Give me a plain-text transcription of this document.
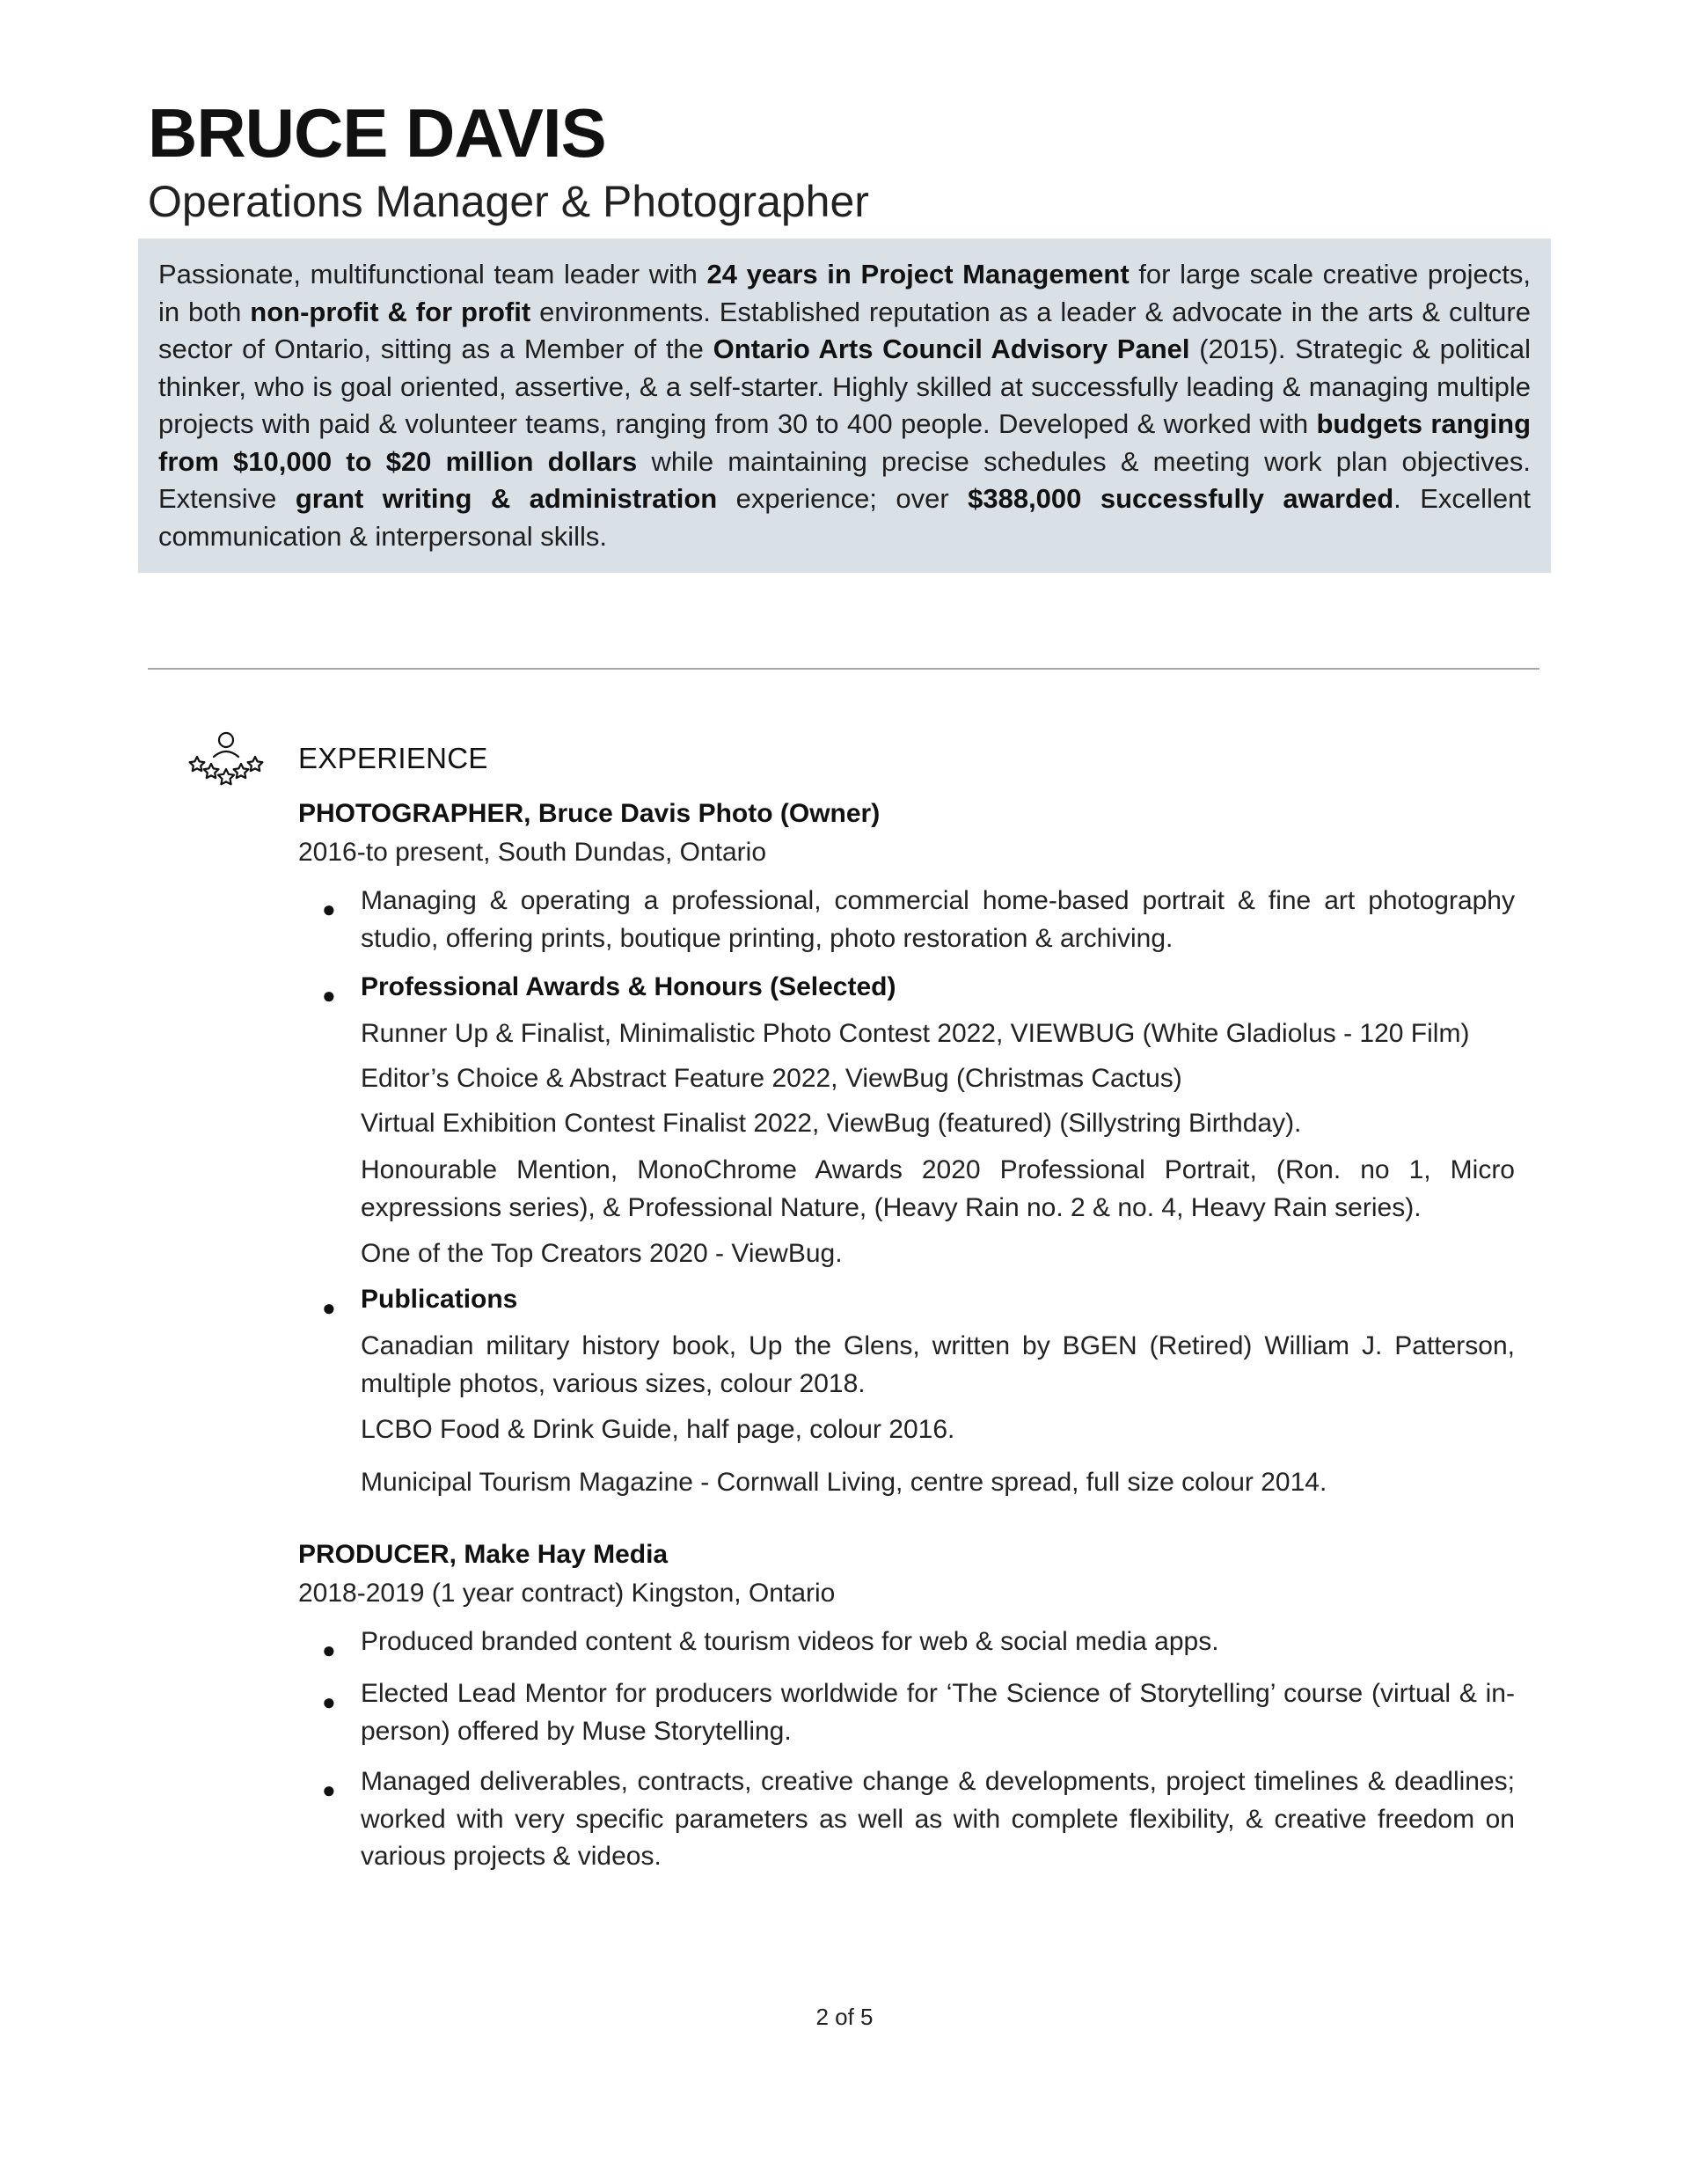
BRUCE DAVIS
Operations Manager & Photographer
Passionate, multifunctional team leader with 24 years in Project Management for large scale creative projects, in both non-profit & for profit environments. Established reputation as a leader & advocate in the arts & culture sector of Ontario, sitting as a Member of the Ontario Arts Council Advisory Panel (2015). Strategic & political thinker, who is goal oriented, assertive, & a self-starter. Highly skilled at successfully leading & managing multiple projects with paid & volunteer teams, ranging from 30 to 400 people. Developed & worked with budgets ranging from $10,000 to $20 million dollars while maintaining precise schedules & meeting work plan objectives. Extensive grant writing & administration experience; over $388,000 successfully awarded. Excellent communication & interpersonal skills.
EXPERIENCE

PHOTOGRAPHER, Bruce Davis Photo (Owner)

2016-to present, South Dundas, Ontario

● Managing & operating a professional, commercial home-based portrait & fine art photography studio, offering prints, boutique printing, photo restoration & archiving.

● Professional Awards & Honours (Selected)

Runner Up & Finalist, Minimalistic Photo Contest 2022, VIEWBUG (White Gladiolus - 120 Film)

Editor’s Choice & Abstract Feature 2022, ViewBug (Christmas Cactus)

Virtual Exhibition Contest Finalist 2022, ViewBug (featured) (Sillystring Birthday).

Honourable Mention, MonoChrome Awards 2020 Professional Portrait, (Ron. no 1, Micro expressions series), & Professional Nature, (Heavy Rain no. 2 & no. 4, Heavy Rain series).

One of the Top Creators 2020 - ViewBug.

● Publications

Canadian military history book, Up the Glens, written by BGEN (Retired) William J. Patterson, multiple photos, various sizes, colour 2018.

LCBO Food & Drink Guide, half page, colour 2016.

Municipal Tourism Magazine - Cornwall Living, centre spread, full size colour 2014.

PRODUCER, Make Hay Media

2018-2019 (1 year contract) Kingston, Ontario

● Produced branded content & tourism videos for web & social media apps.

● Elected Lead Mentor for producers worldwide for ‘The Science of Storytelling’ course (virtual & in-person) offered by Muse Storytelling.

● Managed deliverables, contracts, creative change & developments, project timelines & deadlines; worked with very specific parameters as well as with complete flexibility, & creative freedom on various projects & videos.

2 of 5
